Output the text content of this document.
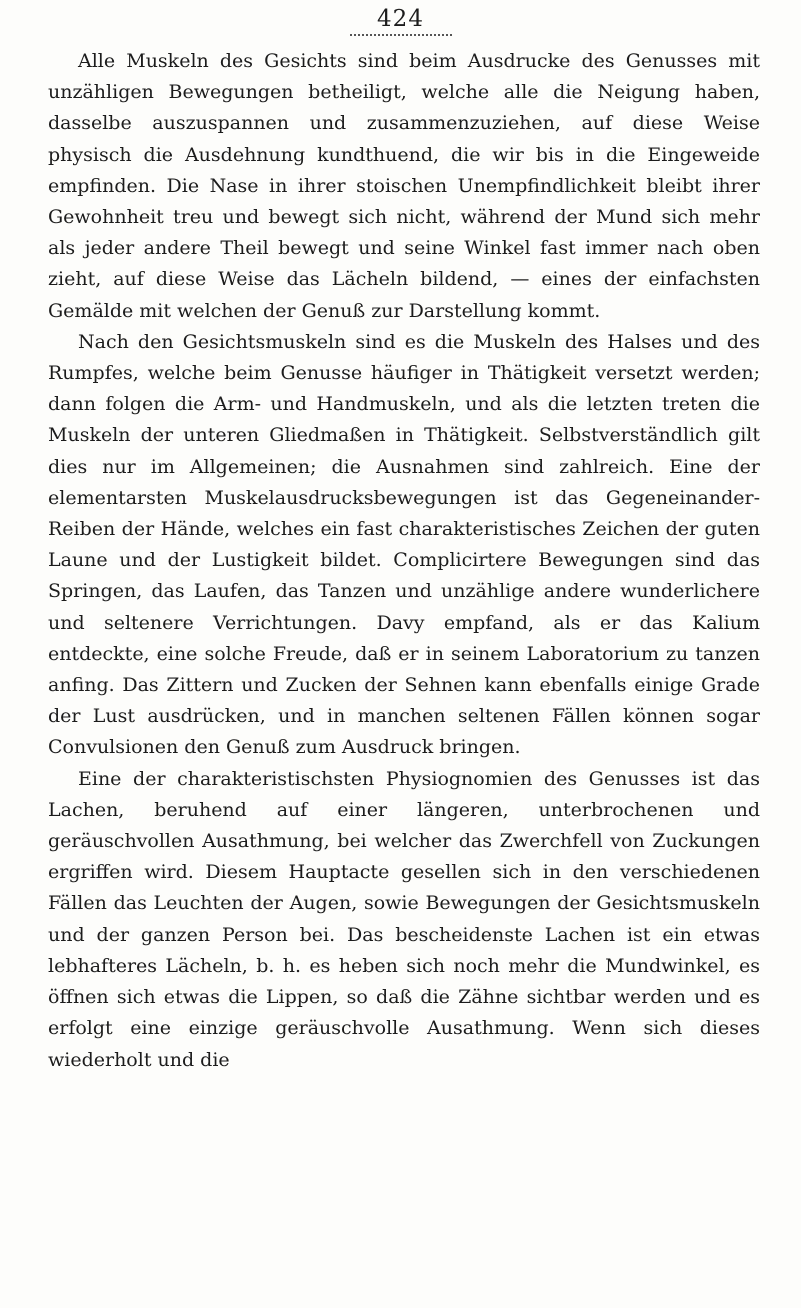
424

Alle Muskeln des Gesichts sind beim Ausdrucke des Genusses mit unzähligen Bewegungen betheiligt, welche alle die Neigung haben, dasselbe auszuspannen und zusammenzuziehen, auf diese Weise physisch die Ausdehnung kundthuend, die wir bis in die Eingeweide empfinden. Die Nase in ihrer stoischen Unempfindlichkeit bleibt ihrer Gewohnheit treu und bewegt sich nicht, während der Mund sich mehr als jeder andere Theil bewegt und seine Winkel fast immer nach oben zieht, auf diese Weise das Lächeln bildend, — eines der einfachsten Gemälde mit welchen der Genuß zur Darstellung kommt.

Nach den Gesichtsmuskeln sind es die Muskeln des Halses und des Rumpfes, welche beim Genusse häufiger in Thätigkeit versetzt werden; dann folgen die Arm- und Handmuskeln, und als die letzten treten die Muskeln der unteren Gliedmaßen in Thätigkeit. Selbstverständlich gilt dies nur im Allgemeinen; die Ausnahmen sind zahlreich. Eine der elementarsten Muskelausdrucksbewegungen ist das Gegeneinander-Reiben der Hände, welches ein fast charakteristisches Zeichen der guten Laune und der Lustigkeit bildet. Complicirtere Bewegungen sind das Springen, das Laufen, das Tanzen und unzählige andere wunderlichere und seltenere Verrichtungen. Davy empfand, als er das Kalium entdeckte, eine solche Freude, daß er in seinem Laboratorium zu tanzen anfing. Das Zittern und Zucken der Sehnen kann ebenfalls einige Grade der Lust ausdrücken, und in manchen seltenen Fällen können sogar Convulsionen den Genuß zum Ausdruck bringen.

Eine der charakteristischsten Physiognomien des Genusses ist das Lachen, beruhend auf einer längeren, unterbrochenen und geräuschvollen Ausathmung, bei welcher das Zwerchfell von Zuckungen ergriffen wird. Diesem Hauptacte gesellen sich in den verschiedenen Fällen das Leuchten der Augen, sowie Bewegungen der Gesichtsmuskeln und der ganzen Person bei. Das bescheidenste Lachen ist ein etwas lebhafteres Lächeln, b. h. es heben sich noch mehr die Mundwinkel, es öffnen sich etwas die Lippen, so daß die Zähne sichtbar werden und es erfolgt eine einzige geräuschvolle Ausathmung. Wenn sich dieses wiederholt und die
